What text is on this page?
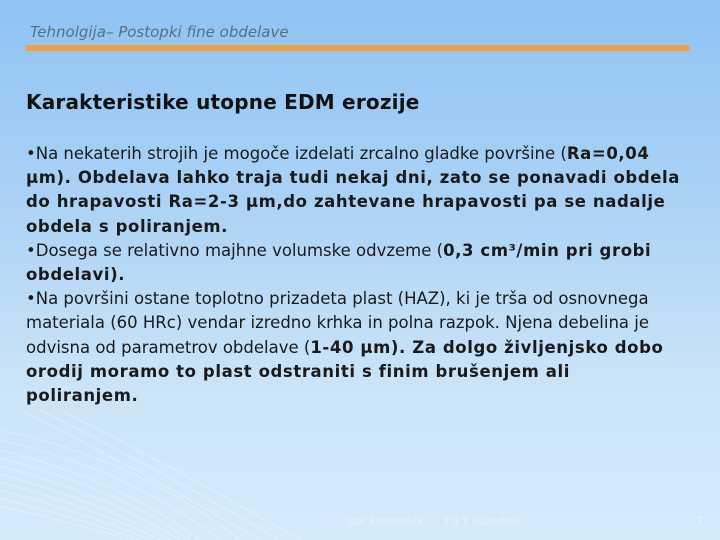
Tehnolgija– Postopki fine obdelave
Karakteristike utopne EDM erozije

•Na nekaterih strojih je mogoče izdelati zrcalno gladke površine (Ra=0,04 µm). Obdelava lahko traja tudi nekaj dni, zato se ponavadi obdela do hrapavosti Ra=2-3 µm,do zahtevane hrapavosti pa se nadalje obdela s poliranjem.

•Dosega se relativno majhne volumske odvzeme (0,3 cm³/min pri grobi obdelavi).

•Na površini ostane toplotno prizadeta plast (HAZ), ki je trša od osnovnega materiala (60 HRc) vendar izredno krhka in polna razpok. Njena debelina je odvisna od parametrov obdelave (1-40 µm). Za dolgo življenjsko dobo orodij moramo to plast odstraniti s finim brušenjem ali poliranjem.

Igor Klemenšek 2.9.3 Superfinit	7
